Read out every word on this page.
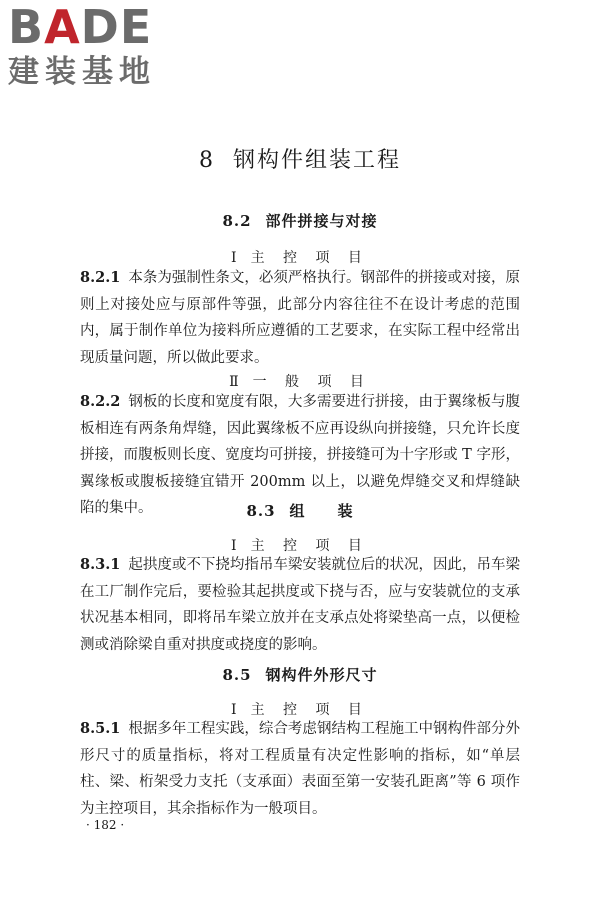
BADE
建装基地
8 钢构件组装工程
8.2 部件拼接与对接
Ⅰ 主 控 项 目
8.2.1 本条为强制性条文，必须严格执行。钢部件的拼接或对接，原则上对接处应与原部件等强，此部分内容往往不在设计考虑的范围内，属于制作单位为接料所应遵循的工艺要求，在实际工程中经常出现质量问题，所以做此要求。
Ⅱ 一 般 项 目
8.2.2 钢板的长度和宽度有限，大多需要进行拼接，由于翼缘板与腹板相连有两条角焊缝，因此翼缘板不应再设纵向拼接缝，只允许长度拼接，而腹板则长度、宽度均可拼接，拼接缝可为十字形或 T 字形，翼缘板或腹板接缝宜错开 200mm 以上，以避免焊缝交叉和焊缝缺陷的集中。	8.3 组　　装
Ⅰ 主 控 项 目
8.3.1 起拱度或不下挠均指吊车梁安装就位后的状况，因此，吊车梁在工厂制作完后，要检验其起拱度或下挠与否，应与安装就位的支承状况基本相同，即将吊车梁立放并在支承点处将梁垫高一点，以便检测或消除梁自重对拱度或挠度的影响。
8.5 钢构件外形尺寸
Ⅰ 主 控 项 目
8.5.1 根据多年工程实践，综合考虑钢结构工程施工中钢构件部分外形尺寸的质量指标，将对工程质量有决定性影响的指标，如“单层柱、梁、桁架受力支托（支承面）表面至第一安装孔距离”等 6 项作为主控项目，其余指标作为一般项目。
· 182 ·
